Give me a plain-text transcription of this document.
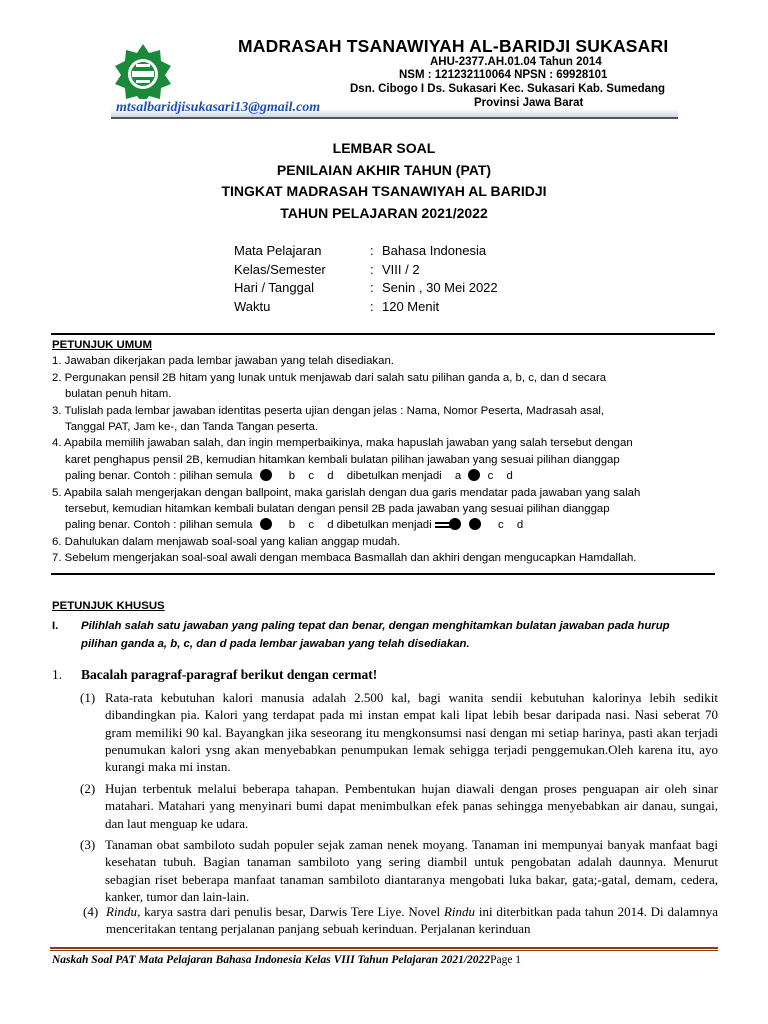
MADRASAH TSANAWIYAH AL-BARIDJI SUKASARI
AHU-2377.AH.01.04 Tahun 2014
NSM : 121232110064 NPSN : 69928101
Dsn. Cibogo I Ds. Sukasari Kec. Sukasari Kab. Sumedang
Provinsi Jawa Barat
mtsalbaridjisukasari13@gmail.com
LEMBAR SOAL
PENILAIAN AKHIR TAHUN (PAT)
TINGKAT MADRASAH TSANAWIYAH AL BARIDJI
TAHUN PELAJARAN 2021/2022
Mata Pelajaran	: Bahasa Indonesia
Kelas/Semester	: VIII / 2
Hari / Tanggal	: Senin , 30 Mei 2022
Waktu	: 120 Menit
PETUNJUK UMUM
1. Jawaban dikerjakan pada lembar jawaban yang telah disediakan.
2. Pergunakan pensil 2B hitam yang lunak untuk menjawab dari salah satu pilihan ganda a, b, c, dan d secara
bulatan penuh hitam.
3. Tulislah pada lembar jawaban identitas peserta ujian dengan jelas : Nama, Nomor Peserta, Madrasah asal,
Tanggal PAT, Jam ke-, dan Tanda Tangan peserta.
4. Apabila memilih jawaban salah, dan ingin memperbaikinya, maka hapuslah jawaban yang salah tersebut dengan
karet penghapus pensil 2B, kemudian hitamkan kembali bulatan pilihan jawaban yang sesuai pilihan dianggap
paling benar. Contoh : pilihan semula	b c d dibetulkan menjadi a c d
5. Apabila salah mengerjakan dengan ballpoint, maka garislah dengan dua garis mendatar pada jawaban yang salah
tersebut, kemudian hitamkan kembali bulatan dengan pensil 2B pada jawaban yang sesuai pilihan dianggap
paling benar. Contoh : pilihan semula	b c d dibetulkan menjadi	c d
6. Dahulukan dalam menjawab soal-soal yang kalian anggap mudah.
7. Sebelum mengerjakan soal-soal awali dengan membaca Basmallah dan akhiri dengan mengucapkan Hamdallah.
PETUNJUK KHUSUS
I.	Pilihlah salah satu jawaban yang paling tepat dan benar, dengan menghitamkan bulatan jawaban pada hurup
pilihan ganda a, b, c, dan d pada lembar jawaban yang telah disediakan.
1.	Bacalah paragraf-paragraf berikut dengan cermat!
(1) Rata-rata kebutuhan kalori manusia adalah 2.500 kal, bagi wanita sendii kebutuhan kalorinya lebih sedikit dibandingkan pia. Kalori yang terdapat pada mi instan empat kali lipat lebih besar daripada nasi. Nasi seberat 70 gram memiliki 90 kal. Bayangkan jika seseorang itu mengkonsumsi nasi dengan mi setiap harinya, pasti akan terjadi penumukan kalori ysng akan menyebabkan penumpukan lemak sehigga terjadi penggemukan.Oleh karena itu, ayo kurangi maka mi instan.
(2) Hujan terbentuk melalui beberapa tahapan. Pembentukan hujan diawali dengan proses penguapan air oleh sinar matahari. Matahari yang menyinari bumi dapat menimbulkan efek panas sehingga menyebabkan air danau, sungai, dan laut menguap ke udara.
(3) Tanaman obat sambiloto sudah populer sejak zaman nenek moyang. Tanaman ini mempunyai banyak manfaat bagi kesehatan tubuh. Bagian tanaman sambiloto yang sering diambil untuk pengobatan adalah daunnya. Menurut sebagian riset beberapa manfaat tanaman sambiloto diantaranya mengobati luka bakar, gata;-gatal, demam, cedera, kanker, tumor dan lain-lain.
(4) Rindu, karya sastra dari penulis besar, Darwis Tere Liye. Novel Rindu ini diterbitkan pada tahun 2014. Di dalamnya menceritakan tentang perjalanan panjang sebuah kerinduan. Perjalanan kerinduan
Naskah Soal PAT Mata Pelajaran Bahasa Indonesia Kelas VIII Tahun Pelajaran 2021/2022Page 1
